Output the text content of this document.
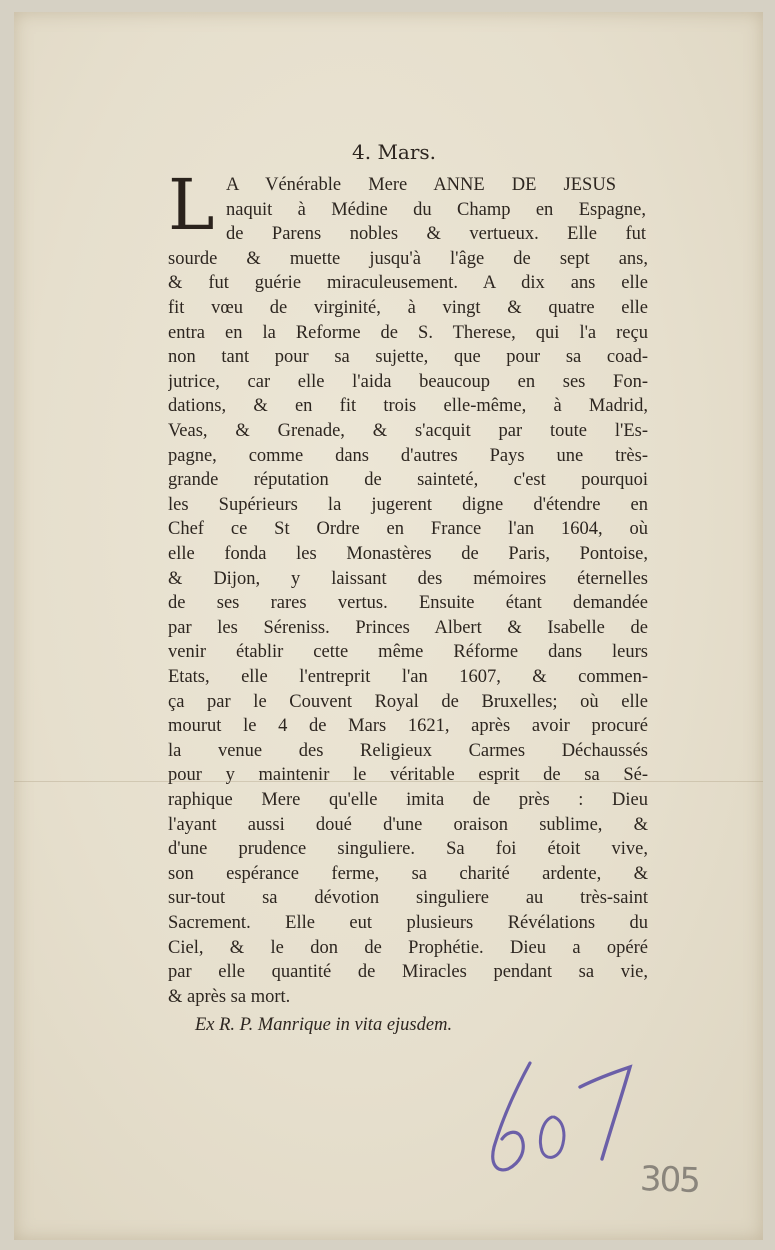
4. Mars.
L A Vénérable Mere ANNE DE JESUS
naquit à Médine du Champ en Espagne,
de Parens nobles & vertueux. Elle fut
sourde & muette jusqu'à l'âge de sept ans,
& fut guérie miraculeusement. A dix ans elle
fit vœu de virginité, à vingt & quatre elle
entra en la Reforme de S. Therese, qui l'a reçu
non tant pour sa sujette, que pour sa coad-
jutrice, car elle l'aida beaucoup en ses Fon-
dations, & en fit trois elle-même, à Madrid,
Veas, & Grenade, & s'acquit par toute l'Es-
pagne, comme dans d'autres Pays une très-
grande réputation de sainteté, c'est pourquoi
les Supérieurs la jugerent digne d'étendre en
Chef ce St Ordre en France l'an 1604, où
elle fonda les Monastères de Paris, Pontoise,
& Dijon, y laissant des mémoires éternelles
de ses rares vertus. Ensuite étant demandée
par les Séreniss. Princes Albert & Isabelle de
venir établir cette même Réforme dans leurs
Etats, elle l'entreprit l'an 1607, & commen-
ça par le Couvent Royal de Bruxelles; où elle
mourut le 4 de Mars 1621, après avoir procuré
la venue des Religieux Carmes Déchaussés
pour y maintenir le véritable esprit de sa Sé-
raphique Mere qu'elle imita de près : Dieu
l'ayant aussi doué d'une oraison sublime, &
d'une prudence singuliere. Sa foi étoit vive,
son espérance ferme, sa charité ardente, &
sur-tout sa dévotion singuliere au très-saint
Sacrement. Elle eut plusieurs Révélations du
Ciel, & le don de Prophétie. Dieu a opéré
par elle quantité de Miracles pendant sa vie,
& après sa mort.
Ex R. P. Manrique in vita ejusdem.
607
305
